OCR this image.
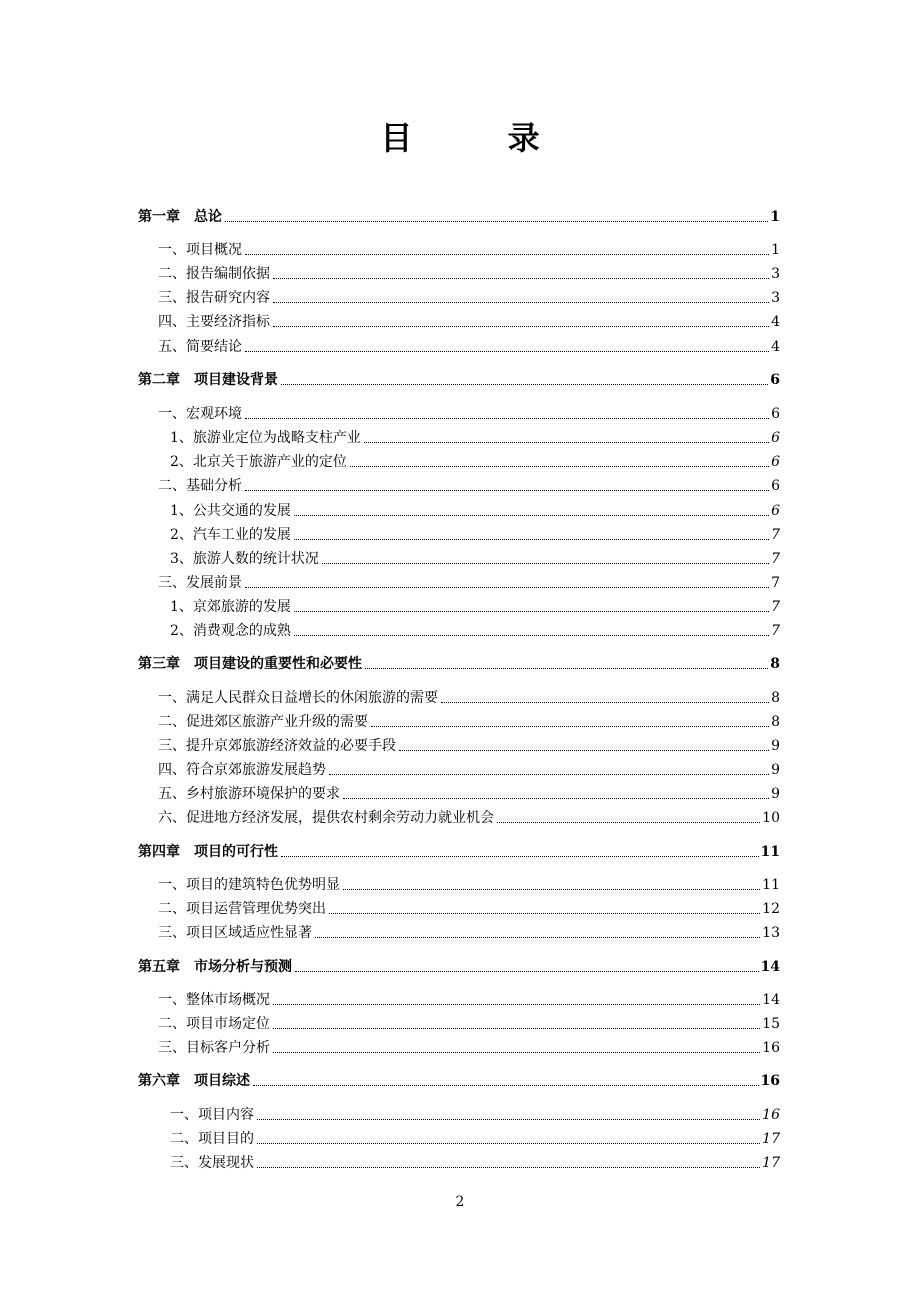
目 录
第一章　总论	1
一、项目概况	1
二、报告编制依据	3
三、报告研究内容	3
四、主要经济指标	4
五、简要结论	4
第二章　项目建设背景	6
一、宏观环境	6
1、旅游业定位为战略支柱产业	6
2、北京关于旅游产业的定位	6
二、基础分析	6
1、公共交通的发展	6
2、汽车工业的发展	7
3、旅游人数的统计状况	7
三、发展前景	7
1、京郊旅游的发展	7
2、消费观念的成熟	7
第三章　项目建设的重要性和必要性	8
一、满足人民群众日益增长的休闲旅游的需要	8
二、促进郊区旅游产业升级的需要	8
三、提升京郊旅游经济效益的必要手段	9
四、符合京郊旅游发展趋势	9
五、乡村旅游环境保护的要求	9
六、促进地方经济发展，提供农村剩余劳动力就业机会	10
第四章　项目的可行性	11
一、项目的建筑特色优势明显	11
二、项目运营管理优势突出	12
三、项目区域适应性显著	13
第五章　市场分析与预测	14
一、整体市场概况	14
二、项目市场定位	15
三、目标客户分析	16
第六章　项目综述	16
一、项目内容	16
二、项目目的	17
三、发展现状	17
2
